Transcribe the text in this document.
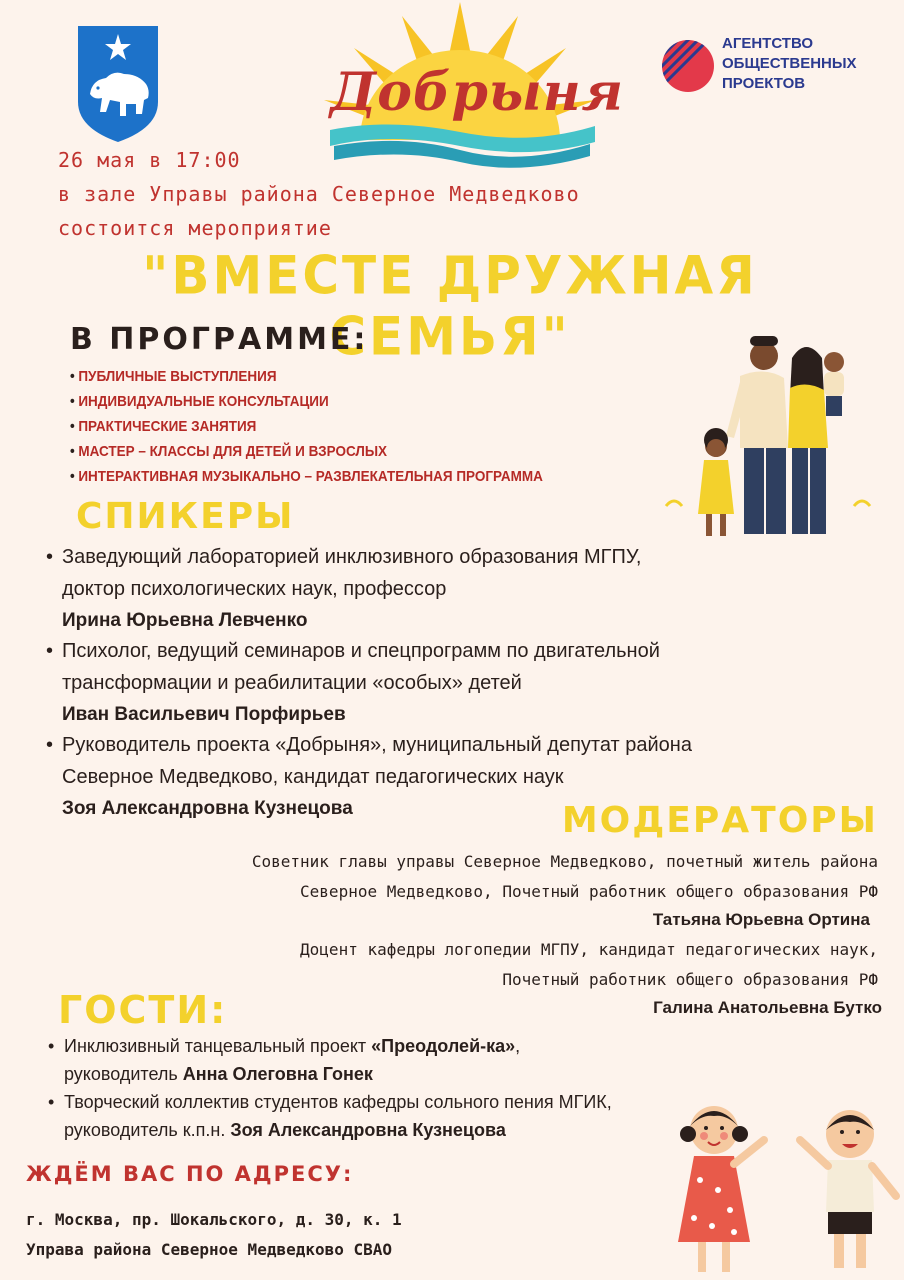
Добрыня
АГЕНТСТВО
ОБЩЕСТВЕННЫХ
ПРОЕКТОВ
26 мая в 17:00
в зале Управы района Северное Медведково
состоится мероприятие
"ВМЕСТЕ ДРУЖНАЯ СЕМЬЯ"
В ПРОГРАММЕ:
• ПУБЛИЧНЫЕ ВЫСТУПЛЕНИЯ
• ИНДИВИДУАЛЬНЫЕ КОНСУЛЬТАЦИИ
• ПРАКТИЧЕСКИЕ ЗАНЯТИЯ
• МАСТЕР – КЛАССЫ ДЛЯ ДЕТЕЙ И ВЗРОСЛЫХ
• ИНТЕРАКТИВНАЯ МУЗЫКАЛЬНО – РАЗВЛЕКАТЕЛЬНАЯ ПРОГРАММА
СПИКЕРЫ
• Заведующий лабораторией инклюзивного образования МГПУ,
доктор психологических наук, профессор
Ирина Юрьевна Левченко
• Психолог, ведущий семинаров и спецпрограмм по двигательной
трансформации и реабилитации «особых» детей
Иван Васильевич Порфирьев
• Руководитель проекта «Добрыня», муниципальный депутат района
Северное Медведково, кандидат педагогических наук
Зоя Александровна Кузнецова	МОДЕРАТОРЫ
Советник главы управы Северное Медведково, почетный житель района
Северное Медведково, Почетный работник общего образования РФ
Татьяна Юрьевна Ортина
Доцент кафедры логопедии МГПУ, кандидат педагогических наук,
Почетный работник общего образования РФ
Галина Анатольевна Бутко
ГОСТИ:
• Инклюзивный танцевальный проект «Преодолей-ка»,
руководитель Анна Олеговна Гонек
• Творческий коллектив студентов кафедры сольного пения МГИК,
руководитель к.п.н. Зоя Александровна Кузнецова
ЖДЁМ ВАС ПО АДРЕСУ:
г. Москва, пр. Шокальского, д. 30, к. 1
Управа района Северное Медведково СВАО
